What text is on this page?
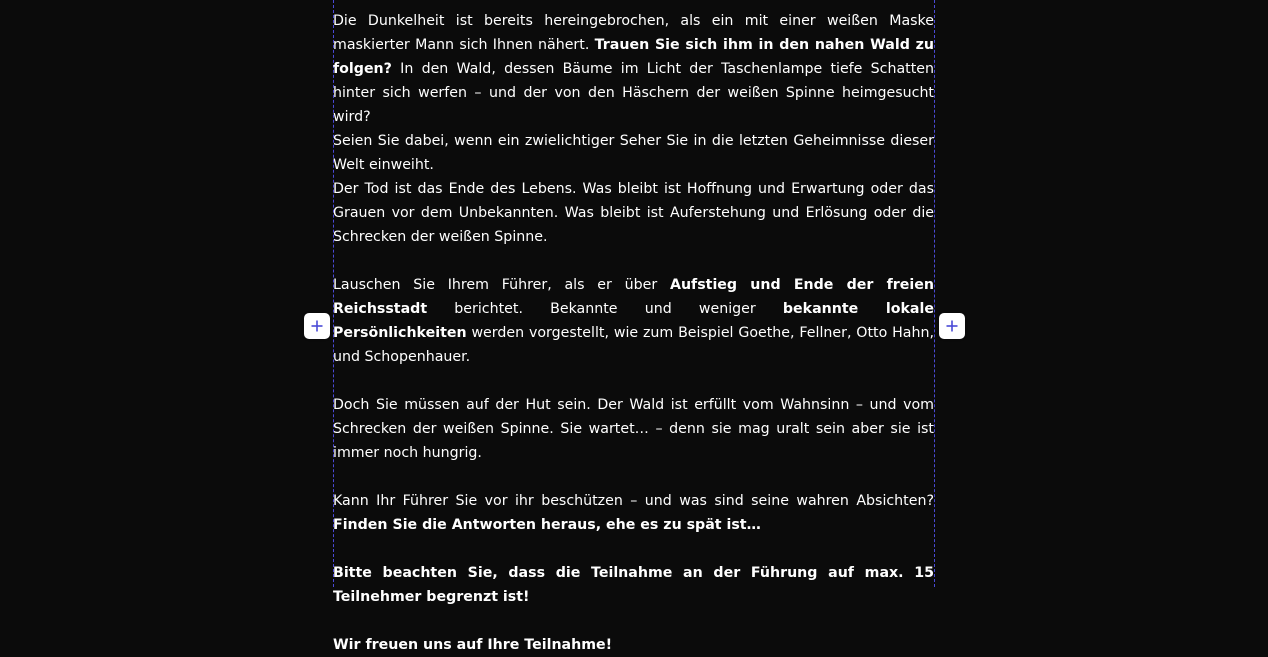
Die Dunkelheit ist bereits hereingebrochen, als ein mit einer weißen Maske maskierter Mann sich Ihnen nähert. Trauen Sie sich ihm in den nahen Wald zu folgen? In den Wald, dessen Bäume im Licht der Taschenlampe tiefe Schatten hinter sich werfen – und der von den Häschern der weißen Spinne heimgesucht wird?

Seien Sie dabei, wenn ein zwielichtiger Seher Sie in die letzten Geheimnisse dieser Welt einweiht.

Der Tod ist das Ende des Lebens. Was bleibt ist Hoffnung und Erwartung oder das Grauen vor dem Unbekannten. Was bleibt ist Auferstehung und Erlösung oder die Schrecken der weißen Spinne.

Lauschen Sie Ihrem Führer, als er über Aufstieg und Ende der freien Reichsstadt berichtet. Bekannte und weniger bekannte lokale Persönlichkeiten werden vorgestellt, wie zum Beispiel Goethe, Fellner, Otto Hahn, und Schopenhauer.

Doch Sie müssen auf der Hut sein. Der Wald ist erfüllt vom Wahnsinn – und vom Schrecken der weißen Spinne. Sie wartet… – denn sie mag uralt sein aber sie ist immer noch hungrig.

Kann Ihr Führer Sie vor ihr beschützen – und was sind seine wahren Absichten? Finden Sie die Antworten heraus, ehe es zu spät ist…

Bitte beachten Sie, dass die Teilnahme an der Führung auf max. 15 Teilnehmer begrenzt ist!

Wir freuen uns auf Ihre Teilnahme!
